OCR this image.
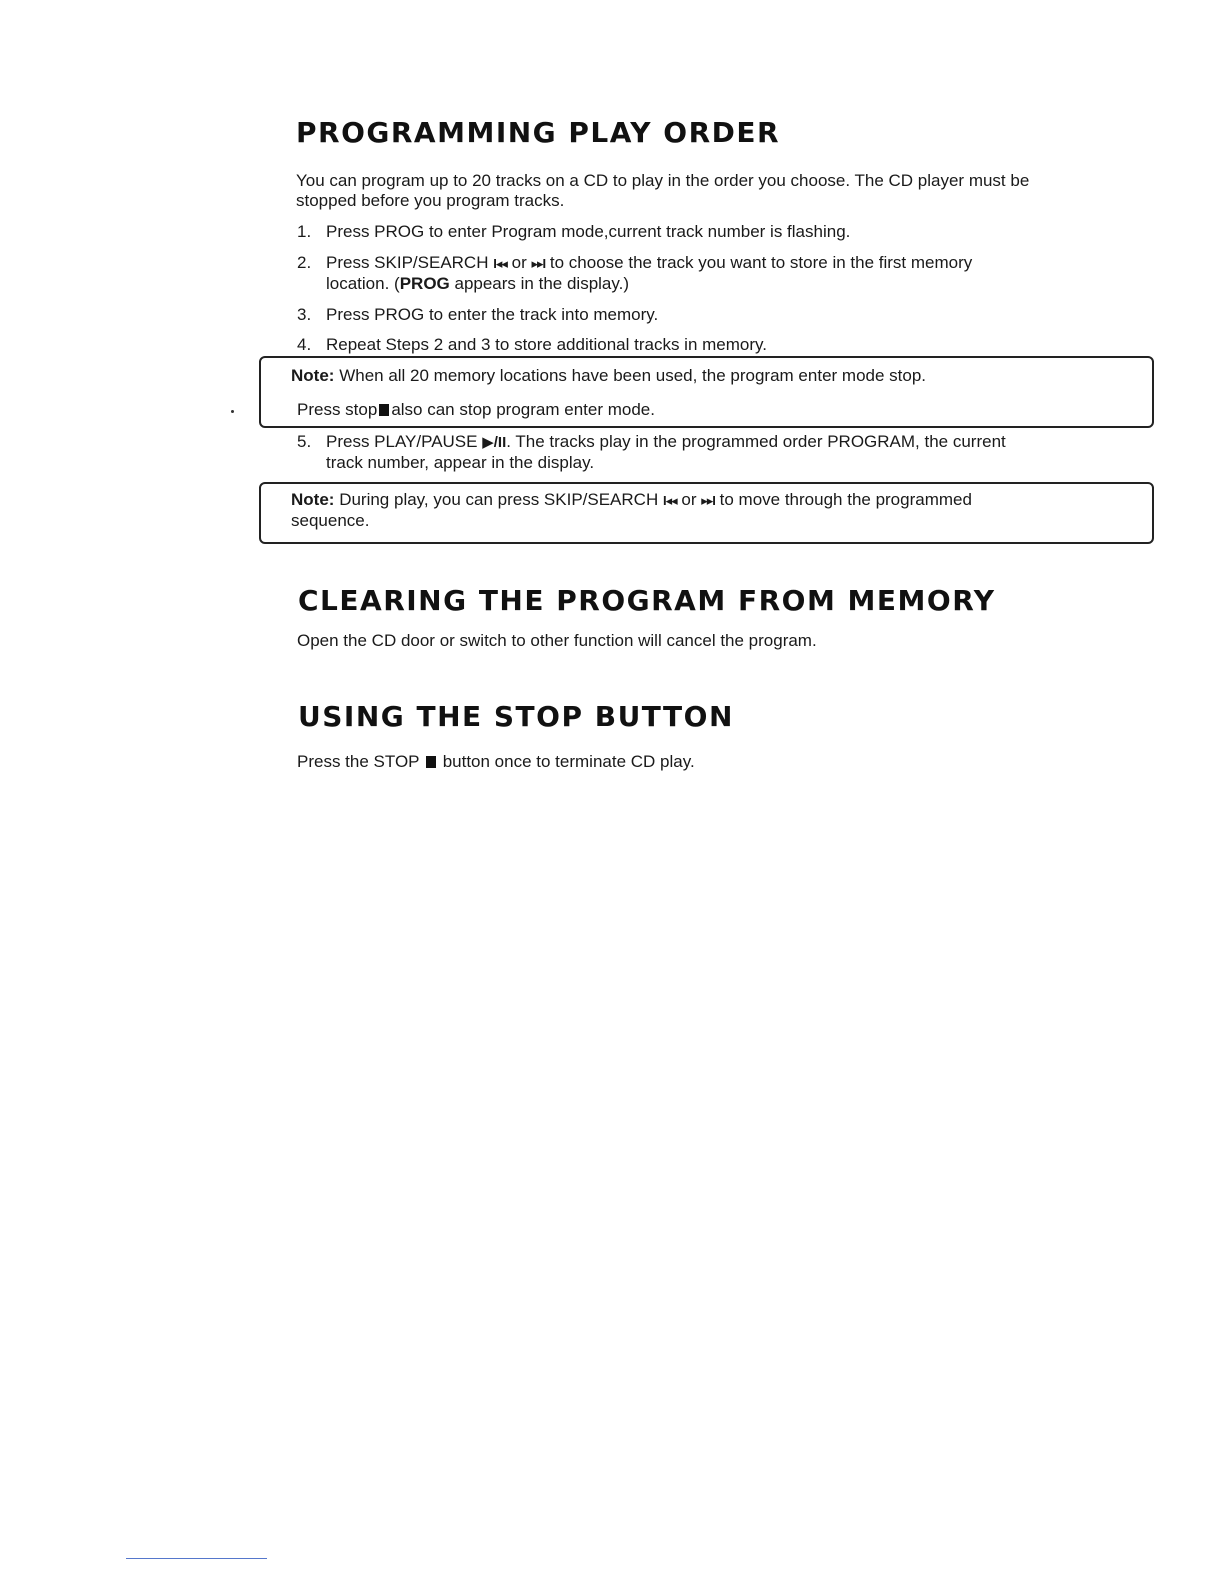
PROGRAMMING PLAY ORDER

You can program up to 20 tracks on a CD to play in the order you choose. The CD player must be

stopped before you program tracks.

1. Press PROG to enter Program mode,current track number is flashing.
2. Press SKIP/SEARCH I◂◂ or ▸▸I to choose the track you want to store in the first memory
location. (PROG appears in the display.)
3. Press PROG to enter the track into memory.
4. Repeat Steps 2 and 3 to store additional tracks in memory.
Note: When all 20 memory locations have been used, the program enter mode stop.
Press stop also can stop program enter mode.
5. Press PLAY/PAUSE ▶/II. The tracks play in the programmed order PROGRAM, the current
track number, appear in the display.
Note: During play, you can press SKIP/SEARCH I◂◂ or ▸▸I to move through the programmed
sequence.
CLEARING THE PROGRAM FROM MEMORY

Open the CD door or switch to other function will cancel the program.

USING THE STOP BUTTON

Press the STOP button once to terminate CD play.
